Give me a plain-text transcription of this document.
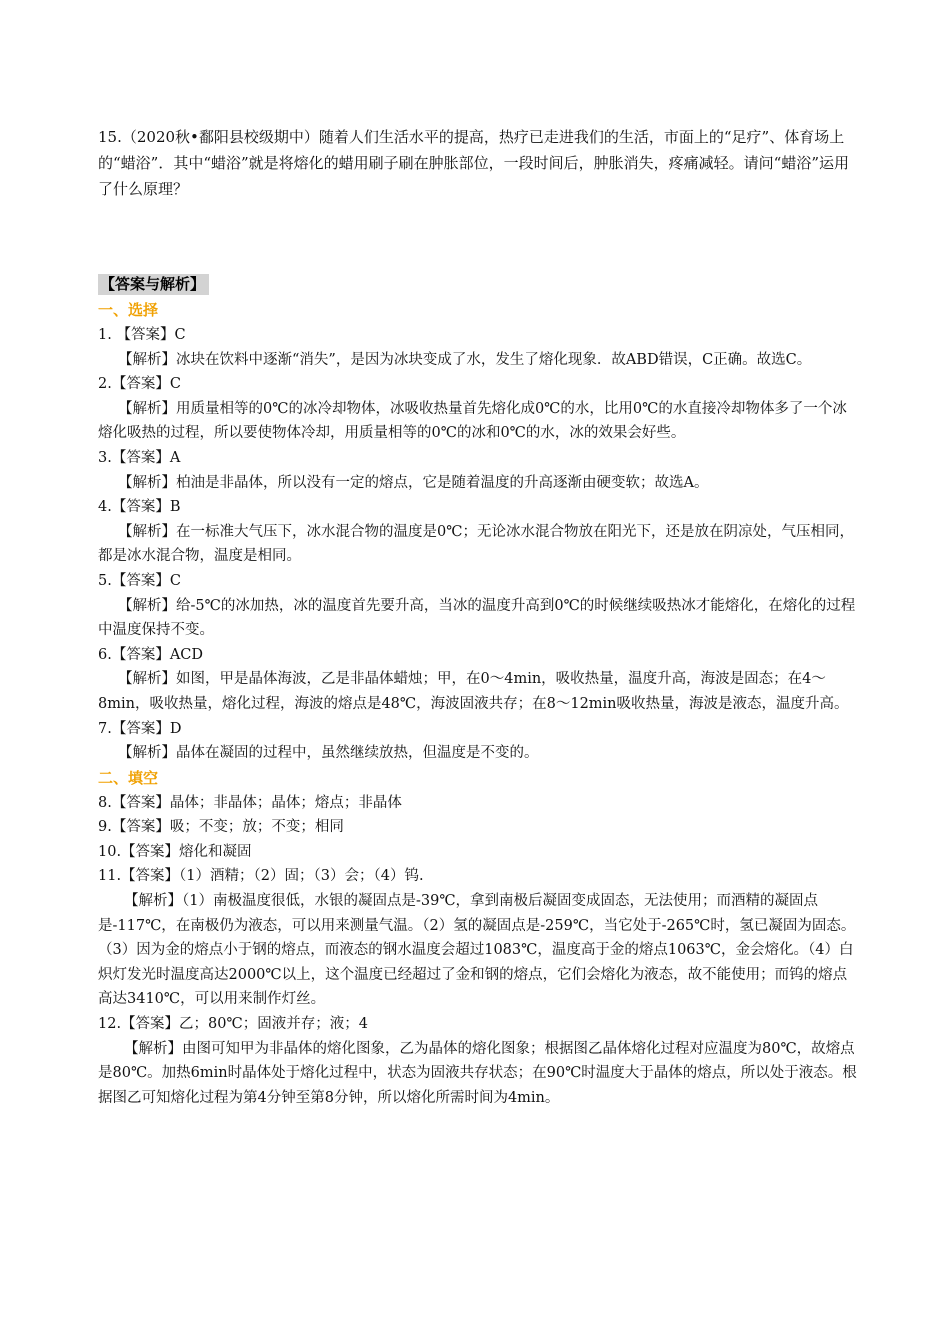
15.（2020秋•鄱阳县校级期中）随着人们生活水平的提高，热疗已走进我们的生活，市面上的“足疗”、体育场上的“蜡浴”．其中“蜡浴”就是将熔化的蜡用刷子刷在肿胀部位，一段时间后，肿胀消失，疼痛减轻。请问“蜡浴”运用了什么原理？

【答案与解析】

一、选择

1. 【答案】C

【解析】冰块在饮料中逐渐“消失”，是因为冰块变成了水，发生了熔化现象．故ABD错误，C正确。故选C。

2.【答案】C

【解析】用质量相等的0℃的冰冷却物体，冰吸收热量首先熔化成0℃的水，比用0℃的水直接冷却物体多了一个冰熔化吸热的过程，所以要使物体冷却，用质量相等的0℃的冰和0℃的水，冰的效果会好些。

3.【答案】A

【解析】柏油是非晶体，所以没有一定的熔点，它是随着温度的升高逐渐由硬变软；故选A。

4.【答案】B

【解析】在一标准大气压下，冰水混合物的温度是0℃；无论冰水混合物放在阳光下，还是放在阴凉处，气压相同，都是冰水混合物，温度是相同。

5.【答案】C

【解析】给-5℃的冰加热，冰的温度首先要升高，当冰的温度升高到0℃的时候继续吸热冰才能熔化，在熔化的过程中温度保持不变。

6.【答案】ACD

【解析】如图，甲是晶体海波，乙是非晶体蜡烛；甲，在0～4min，吸收热量，温度升高，海波是固态；在4～8min，吸收热量，熔化过程，海波的熔点是48℃，海波固液共存；在8～12min吸收热量，海波是液态，温度升高。

7.【答案】D

【解析】晶体在凝固的过程中，虽然继续放热，但温度是不变的。

二、填空

8.【答案】晶体；非晶体；晶体；熔点；非晶体

9.【答案】吸；不变；放；不变；相同

10.【答案】熔化和凝固

11.【答案】（1）酒精；（2）固；（3）会；（4）钨.

【解析】（1）南极温度很低，水银的凝固点是-39℃，拿到南极后凝固变成固态，无法使用；而酒精的凝固点是-117℃，在南极仍为液态，可以用来测量气温。（2）氢的凝固点是-259℃，当它处于-265℃时，氢已凝固为固态。（3）因为金的熔点小于钢的熔点，而液态的钢水温度会超过1083℃，温度高于金的熔点1063℃，金会熔化。（4）白炽灯发光时温度高达2000℃以上，这个温度已经超过了金和钢的熔点，它们会熔化为液态，故不能使用；而钨的熔点高达3410℃，可以用来制作灯丝。

12.【答案】乙；80℃；固液并存；液；4

【解析】由图可知甲为非晶体的熔化图象，乙为晶体的熔化图象；根据图乙晶体熔化过程对应温度为80℃，故熔点是80℃。加热6min时晶体处于熔化过程中，状态为固液共存状态；在90℃时温度大于晶体的熔点，所以处于液态。根据图乙可知熔化过程为第4分钟至第8分钟，所以熔化所需时间为4min。
